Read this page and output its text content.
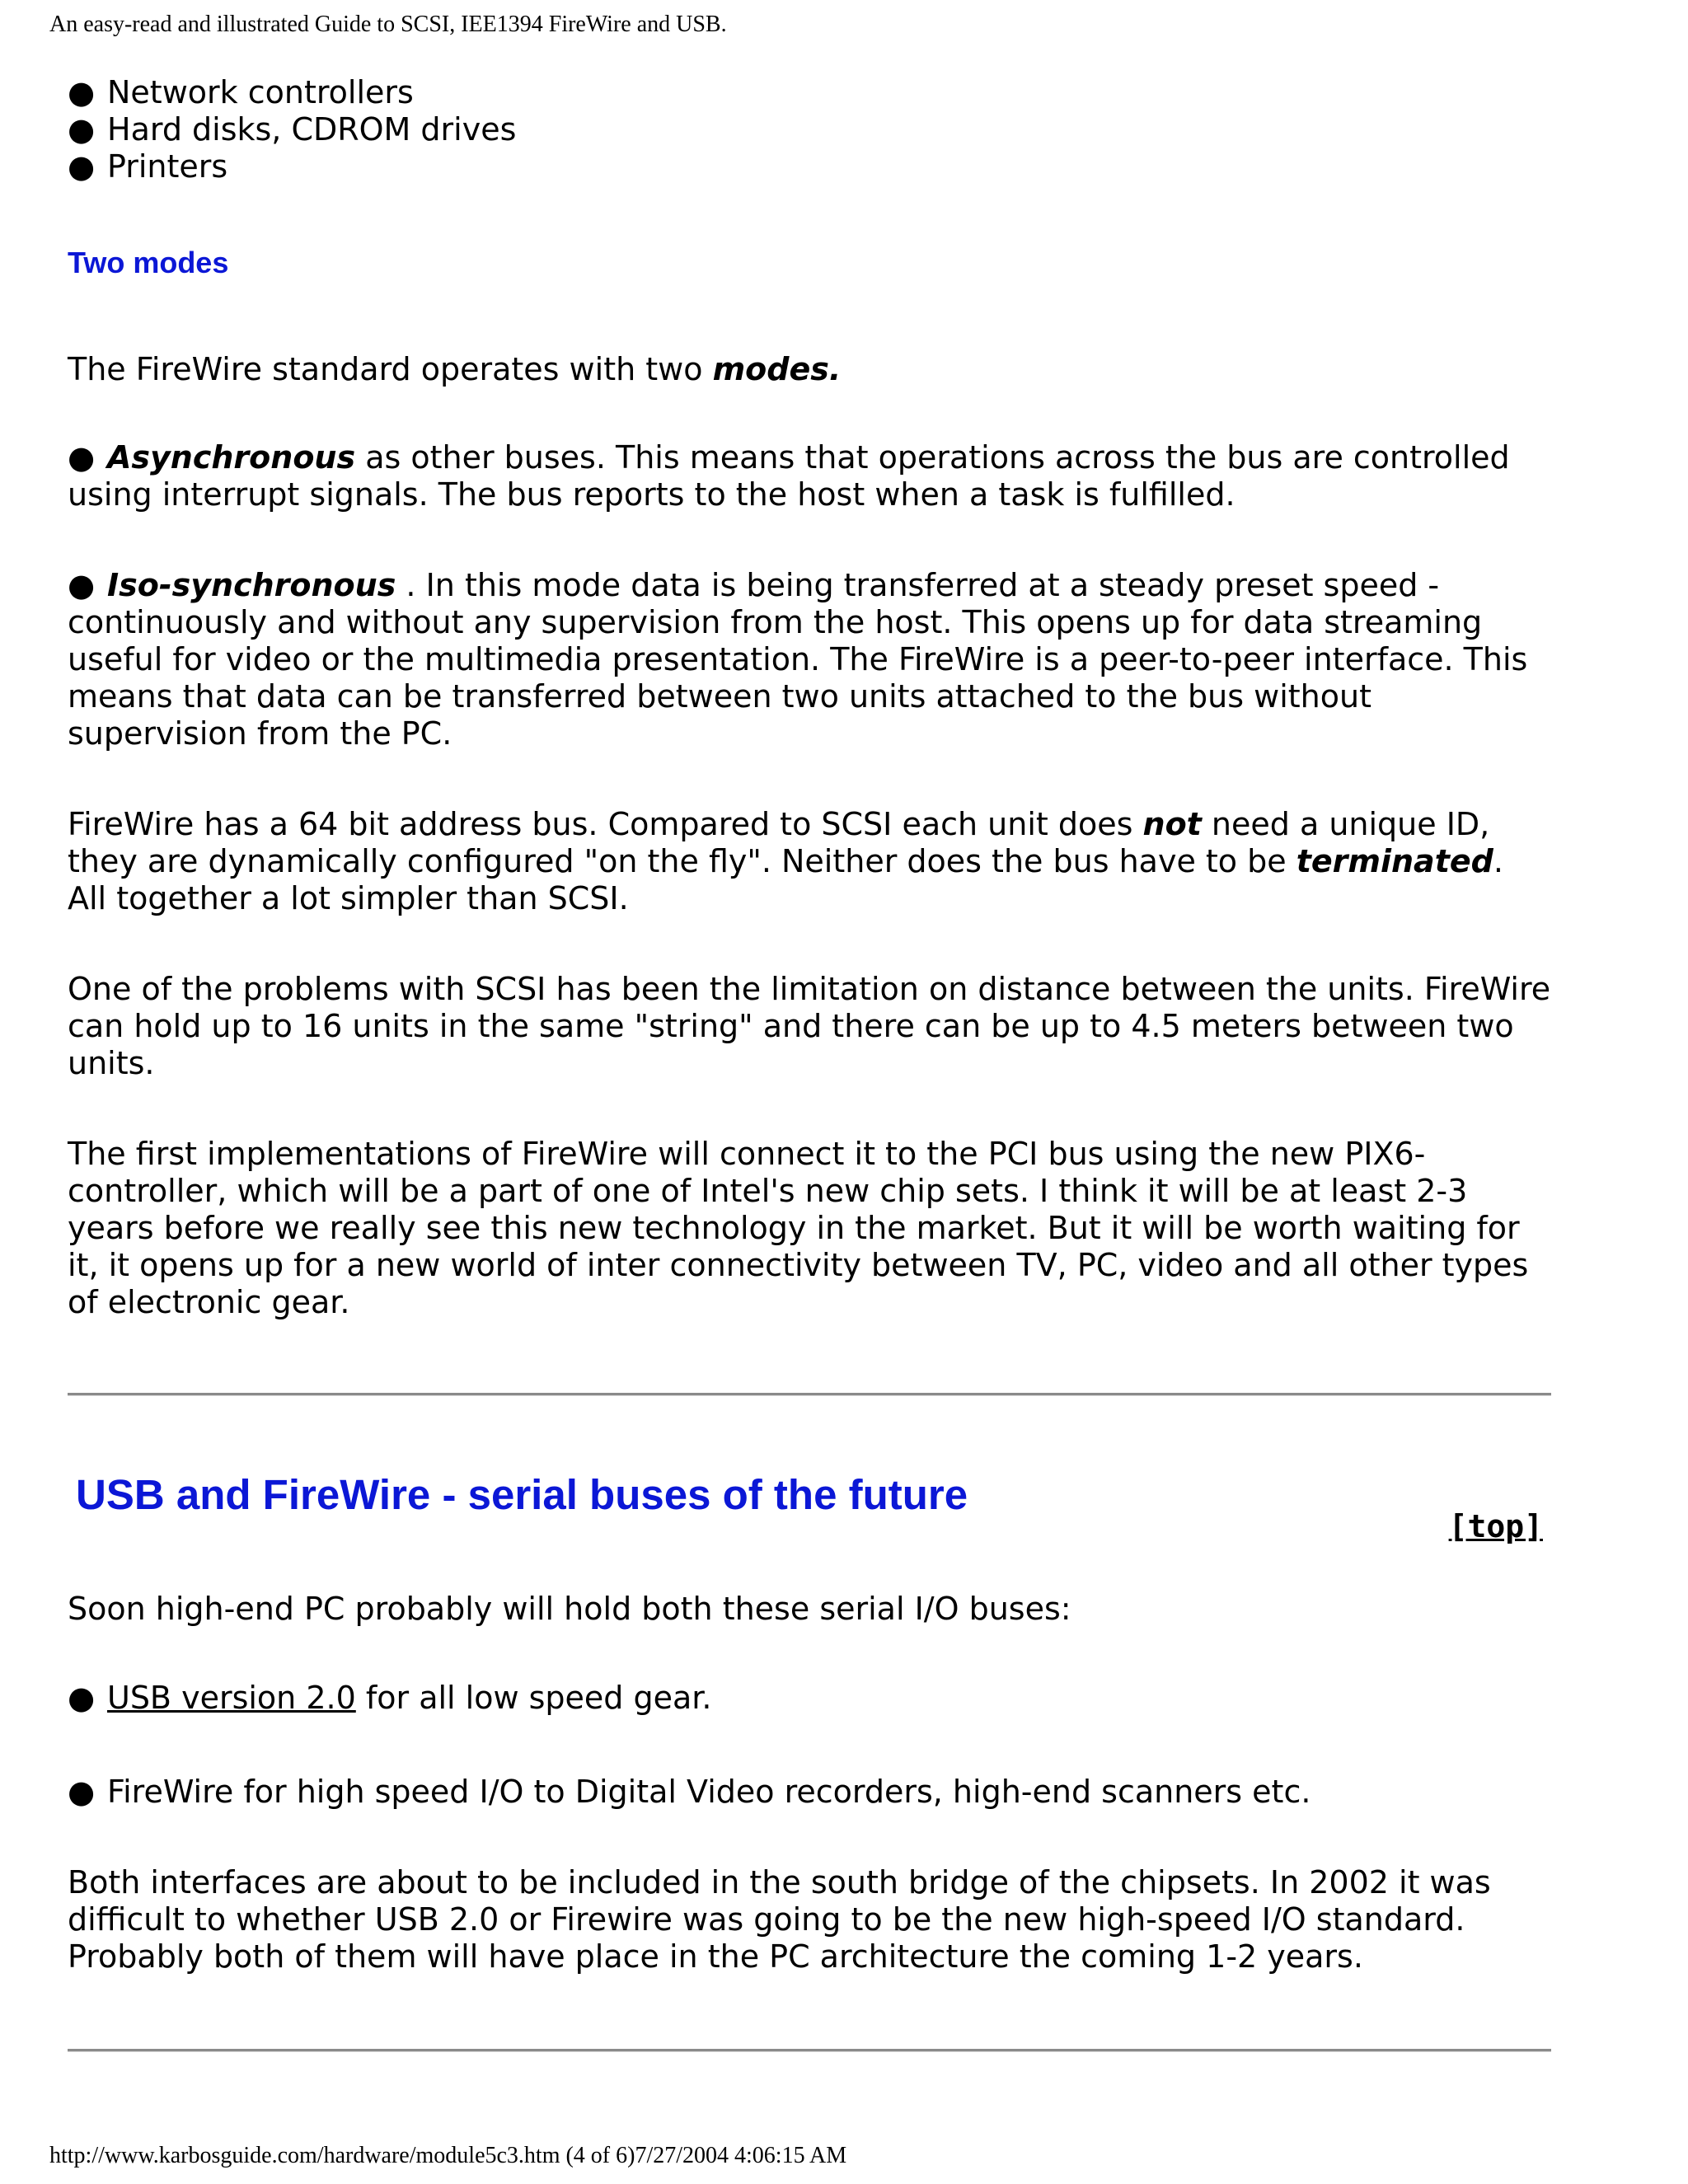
An easy-read and illustrated Guide to SCSI, IEE1394 FireWire and USB.
● Network controllers
● Hard disks, CDROM drives
● Printers
Two modes

The FireWire standard operates with two modes.

● Asynchronous as other buses. This means that operations across the bus are controlled using interrupt signals. The bus reports to the host when a task is fulfilled.

● Iso-synchronous . In this mode data is being transferred at a steady preset speed - continuously and without any supervision from the host. This opens up for data streaming useful for video or the multimedia presentation. The FireWire is a peer-to-peer interface. This means that data can be transferred between two units attached to the bus without supervision from the PC.

FireWire has a 64 bit address bus. Compared to SCSI each unit does not need a unique ID, they are dynamically configured "on the fly". Neither does the bus have to be terminated. All together a lot simpler than SCSI.

One of the problems with SCSI has been the limitation on distance between the units. FireWire can hold up to 16 units in the same "string" and there can be up to 4.5 meters between two units.

The first implementations of FireWire will connect it to the PCI bus using the new PIX6-controller, which will be a part of one of Intel's new chip sets. I think it will be at least 2-3 years before we really see this new technology in the market. But it will be worth waiting for it, it opens up for a new world of inter connectivity between TV, PC, video and all other types of electronic gear.

USB and FireWire - serial buses of the future
[top]

Soon high-end PC probably will hold both these serial I/O buses:

● USB version 2.0 for all low speed gear.

● FireWire for high speed I/O to Digital Video recorders, high-end scanners etc.

Both interfaces are about to be included in the south bridge of the chipsets. In 2002 it was difficult to whether USB 2.0 or Firewire was going to be the new high-speed I/O standard. Probably both of them will have place in the PC architecture the coming 1-2 years.

http://www.karbosguide.com/hardware/module5c3.htm (4 of 6)7/27/2004 4:06:15 AM
